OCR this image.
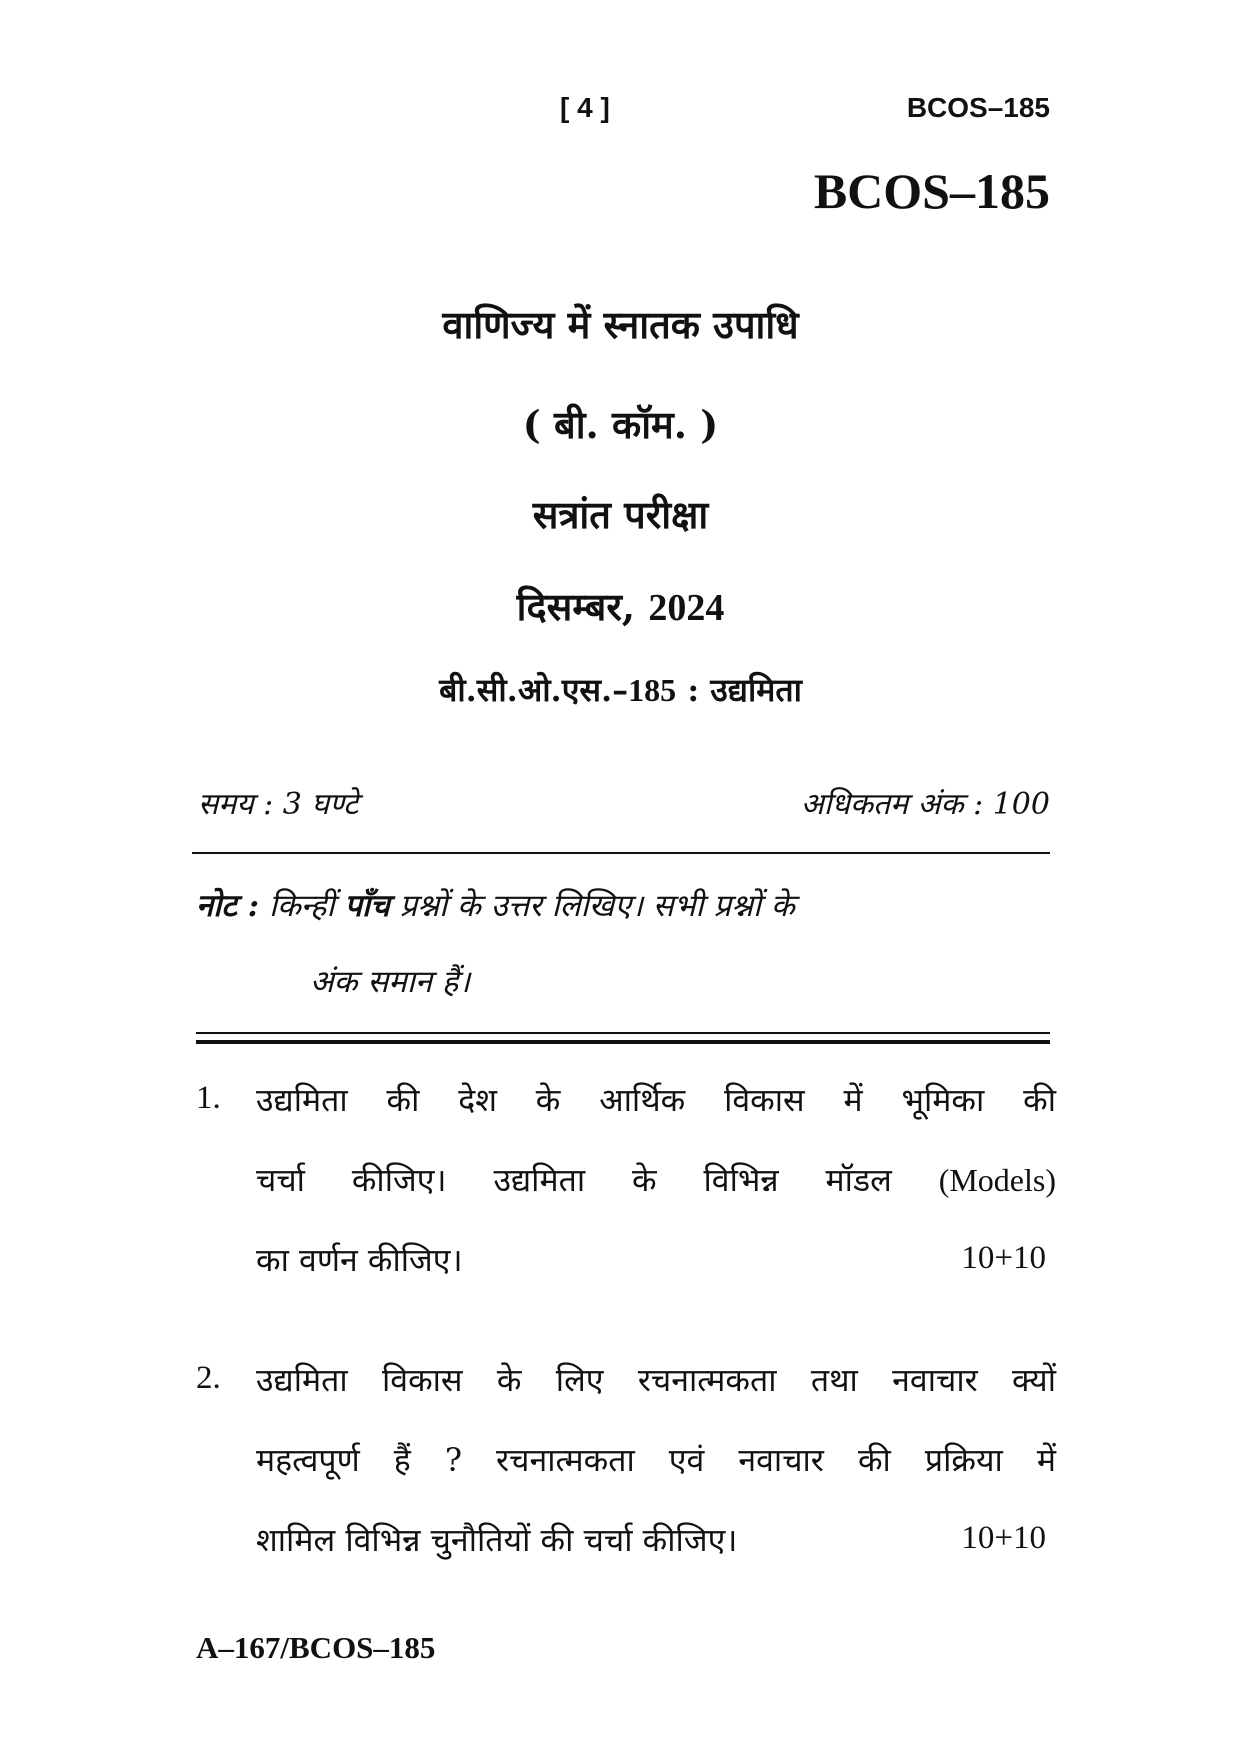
[ 4 ]	BCOS–185
BCOS–185
वाणिज्य में स्नातक उपाधि
( बी. कॉम. )
सत्रांत परीक्षा
दिसम्बर, 2024
बी.सी.ओ.एस.–185 : उद्यमिता
समय : 3 घण्टे	अधिकतम अंक : 100
नोट : किन्हीं पाँच प्रश्नों के उत्तर लिखिए। सभी प्रश्नों के
अंक समान हैं।
1. उद्यमिता की देश के आर्थिक विकास में भूमिका की
चर्चा कीजिए। उद्यमिता के विभिन्न मॉडल (Models)
का वर्णन कीजिए।	10+10
2. उद्यमिता विकास के लिए रचनात्मकता तथा नवाचार क्यों
महत्वपूर्ण हैं ? रचनात्मकता एवं नवाचार की प्रक्रिया में
शामिल विभिन्न चुनौतियों की चर्चा कीजिए।	10+10
A–167/BCOS–185
